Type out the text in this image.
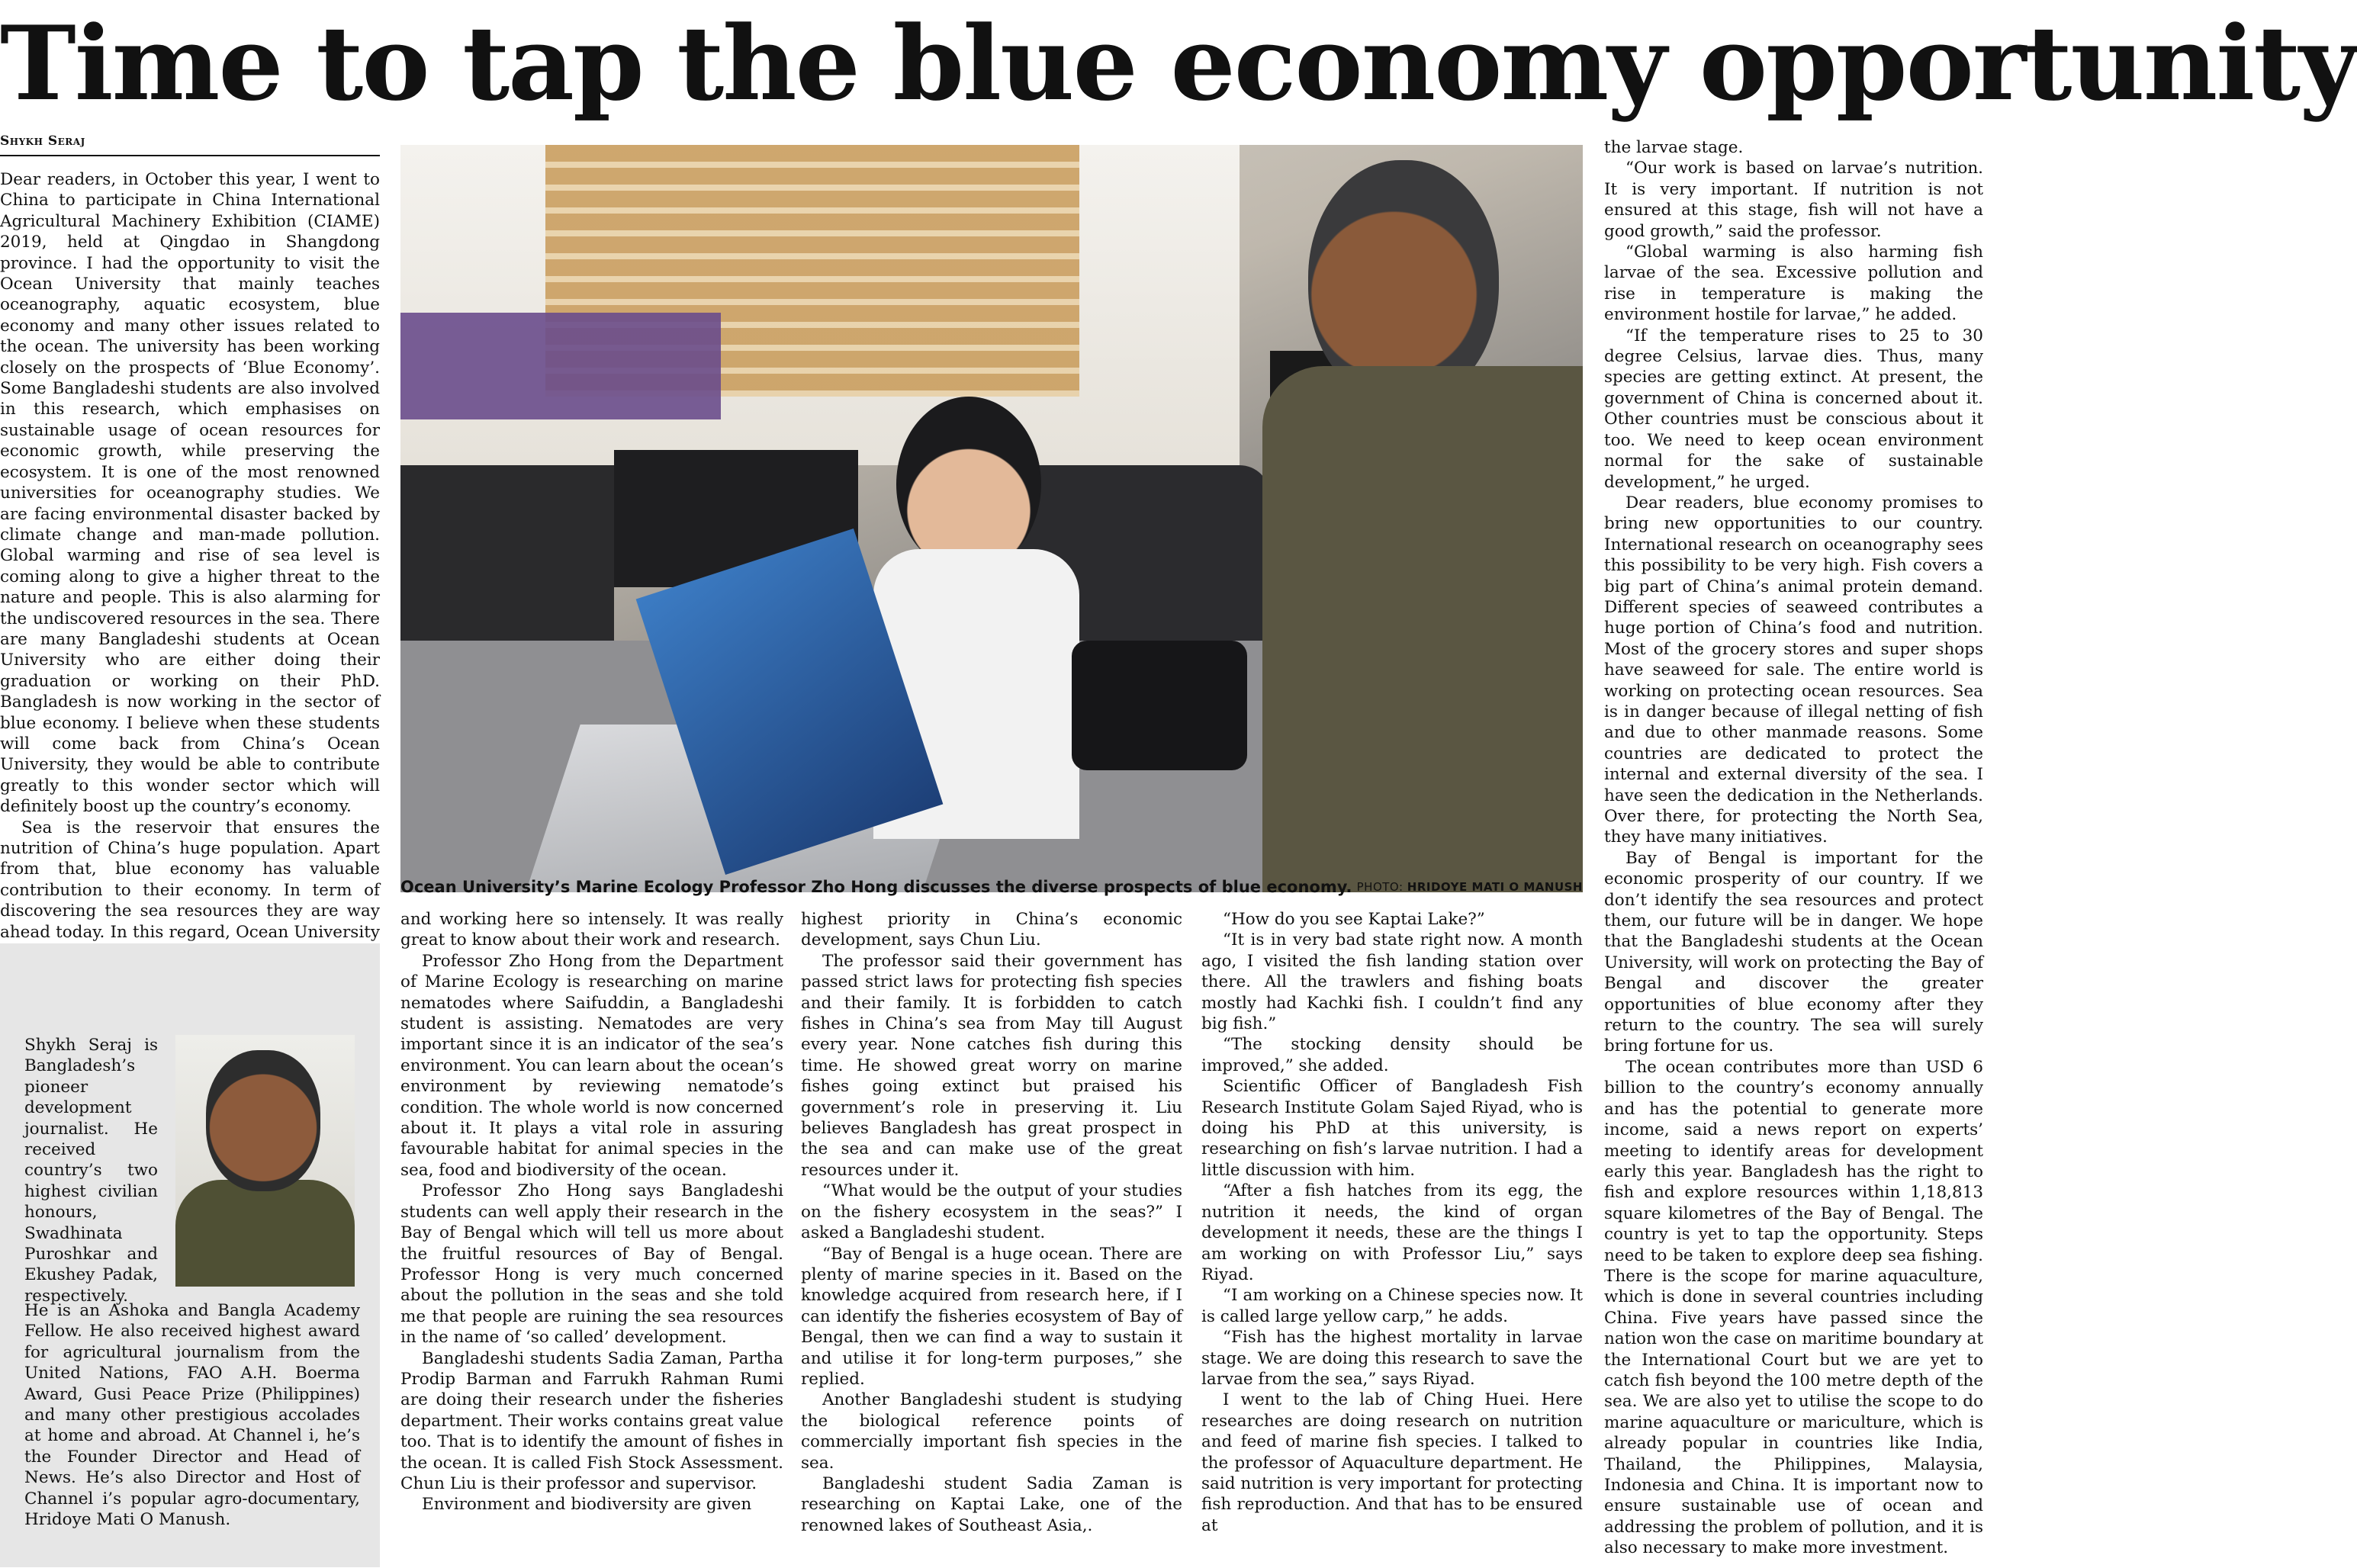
Time to tap the blue economy opportunity
Shykh Seraj

Dear readers, in October this year, I went to China to participate in China International Agricultural Machinery Exhibition (CIAME) 2019, held at Qingdao in Shangdong province. I had the opportunity to visit the Ocean University that mainly teaches oceanography, aquatic ecosystem, blue economy and many other issues related to the ocean. The university has been working closely on the prospects of ‘Blue Economy’. Some Bangladeshi students are also involved in this research, which emphasises on sustainable usage of ocean resources for economic growth, while preserving the ecosystem. It is one of the most renowned universities for oceanography studies. We are facing environmental disaster backed by climate change and man-made pollution. Global warming and rise of sea level is coming along to give a higher threat to the nature and people. This is also alarming for the undiscovered resources in the sea. There are many Bangladeshi students at Ocean University who are either doing their graduation or working on their PhD. Bangladesh is now working in the sector of blue economy. I believe when these students will come back from China’s Ocean University, they would be able to contribute greatly to this wonder sector which will definitely boost up the country’s economy.

Sea is the reservoir that ensures the nutrition of China’s huge population. Apart from that, blue economy has valuable contribution to their economy. In term of discovering the sea resources they are way ahead today. In this regard, Ocean University

Ocean University’s Marine Ecology Professor Zho Hong discusses the diverse prospects of blue economy. PHOTO: HRIDOYE MATI O MANUSH
Shykh Seraj is Bangladesh’s pioneer development journalist. He received country’s two highest civilian honours, Swadhinata Puroshkar and Ekushey Padak, respectively.
He is an Ashoka and Bangla Academy Fellow. He also received highest award for agricultural journalism from the United Nations, FAO A.H. Boerma Award, Gusi Peace Prize (Philippines) and many other prestigious accolades at home and abroad. At Channel i, he’s the Founder Director and Head of News. He’s also Director and Host of Channel i’s popular agro-documentary, Hridoye Mati O Manush.

and working here so intensely. It was really great to know about their work and research.

Professor Zho Hong from the Department of Marine Ecology is researching on marine nematodes where Saifuddin, a Bangladeshi student is assisting. Nematodes are very important since it is an indicator of the sea’s environment. You can learn about the ocean’s environment by reviewing nematode’s condition. The whole world is now concerned about it. It plays a vital role in assuring favourable habitat for animal species in the sea, food and biodiversity of the ocean.

Professor Zho Hong says Bangladeshi students can well apply their research in the Bay of Bengal which will tell us more about the fruitful resources of Bay of Bengal. Professor Hong is very much concerned about the pollution in the seas and she told me that people are ruining the sea resources in the name of ‘so called’ development.

Bangladeshi students Sadia Zaman, Partha Prodip Barman and Farrukh Rahman Rumi are doing their research under the fisheries department. Their works contains great value too. That is to identify the amount of fishes in the ocean. It is called Fish Stock Assessment. Chun Liu is their professor and supervisor.

Environment and biodiversity are given

highest priority in China’s economic development, says Chun Liu.

The professor said their government has passed strict laws for protecting fish species and their family. It is forbidden to catch fishes in China’s sea from May till August every year. None catches fish during this time. He showed great worry on marine fishes going extinct but praised his government’s role in preserving it. Liu believes Bangladesh has great prospect in the sea and can make use of the great resources under it.

“What would be the output of your studies on the fishery ecosystem in the seas?” I asked a Bangladeshi student.

“Bay of Bengal is a huge ocean. There are plenty of marine species in it. Based on the knowledge acquired from research here, if I can identify the fisheries ecosystem of Bay of Bengal, then we can find a way to sustain it and utilise it for long-term purposes,” she replied.

Another Bangladeshi student is studying the biological reference points of commercially important fish species in the sea.

Bangladeshi student Sadia Zaman is researching on Kaptai Lake, one of the renowned lakes of Southeast Asia,.

“How do you see Kaptai Lake?”

“It is in very bad state right now. A month ago, I visited the fish landing station over there. All the trawlers and fishing boats mostly had Kachki fish. I couldn’t find any big fish.”

“The stocking density should be improved,” she added.

Scientific Officer of Bangladesh Fish Research Institute Golam Sajed Riyad, who is doing his PhD at this university, is researching on fish’s larvae nutrition. I had a little discussion with him.

“After a fish hatches from its egg, the nutrition it needs, the kind of organ development it needs, these are the things I am working on with Professor Liu,” says Riyad.

“I am working on a Chinese species now. It is called large yellow carp,” he adds.

“Fish has the highest mortality in larvae stage. We are doing this research to save the larvae from the sea,” says Riyad.

I went to the lab of Ching Huei. Here researches are doing research on nutrition and feed of marine fish species. I talked to the professor of Aquaculture department. He said nutrition is very important for protecting fish reproduction. And that has to be ensured at

the larvae stage.

“Our work is based on larvae’s nutrition. It is very important. If nutrition is not ensured at this stage, fish will not have a good growth,” said the professor.

“Global warming is also harming fish larvae of the sea. Excessive pollution and rise in temperature is making the environment hostile for larvae,” he added.

“If the temperature rises to 25 to 30 degree Celsius, larvae dies. Thus, many species are getting extinct. At present, the government of China is concerned about it. Other countries must be conscious about it too. We need to keep ocean environment normal for the sake of sustainable development,” he urged.

Dear readers, blue economy promises to bring new opportunities to our country. International research on oceanography sees this possibility to be very high. Fish covers a big part of China’s animal protein demand. Different species of seaweed contributes a huge portion of China’s food and nutrition. Most of the grocery stores and super shops have seaweed for sale. The entire world is working on protecting ocean resources. Sea is in danger because of illegal netting of fish and due to other manmade reasons. Some countries are dedicated to protect the internal and external diversity of the sea. I have seen the dedication in the Netherlands. Over there, for protecting the North Sea, they have many initiatives.

Bay of Bengal is important for the economic prosperity of our country. If we don’t identify the sea resources and protect them, our future will be in danger. We hope that the Bangladeshi students at the Ocean University, will work on protecting the Bay of Bengal and discover the greater opportunities of blue economy after they return to the country. The sea will surely bring fortune for us.

The ocean contributes more than USD 6 billion to the country’s economy annually and has the potential to generate more income, said a news report on experts’ meeting to identify areas for development early this year. Bangladesh has the right to fish and explore resources within 1,18,813 square kilometres of the Bay of Bengal. The country is yet to tap the opportunity. Steps need to be taken to explore deep sea fishing. There is the scope for marine aquaculture, which is done in several countries including China. Five years have passed since the nation won the case on maritime boundary at the International Court but we are yet to catch fish beyond the 100 metre depth of the sea. We are also yet to utilise the scope to do marine aquaculture or mariculture, which is already popular in countries like India, Thailand, the Philippines, Malaysia, Indonesia and China. It is important now to ensure sustainable use of ocean and addressing the problem of pollution, and it is also necessary to make more investment.
